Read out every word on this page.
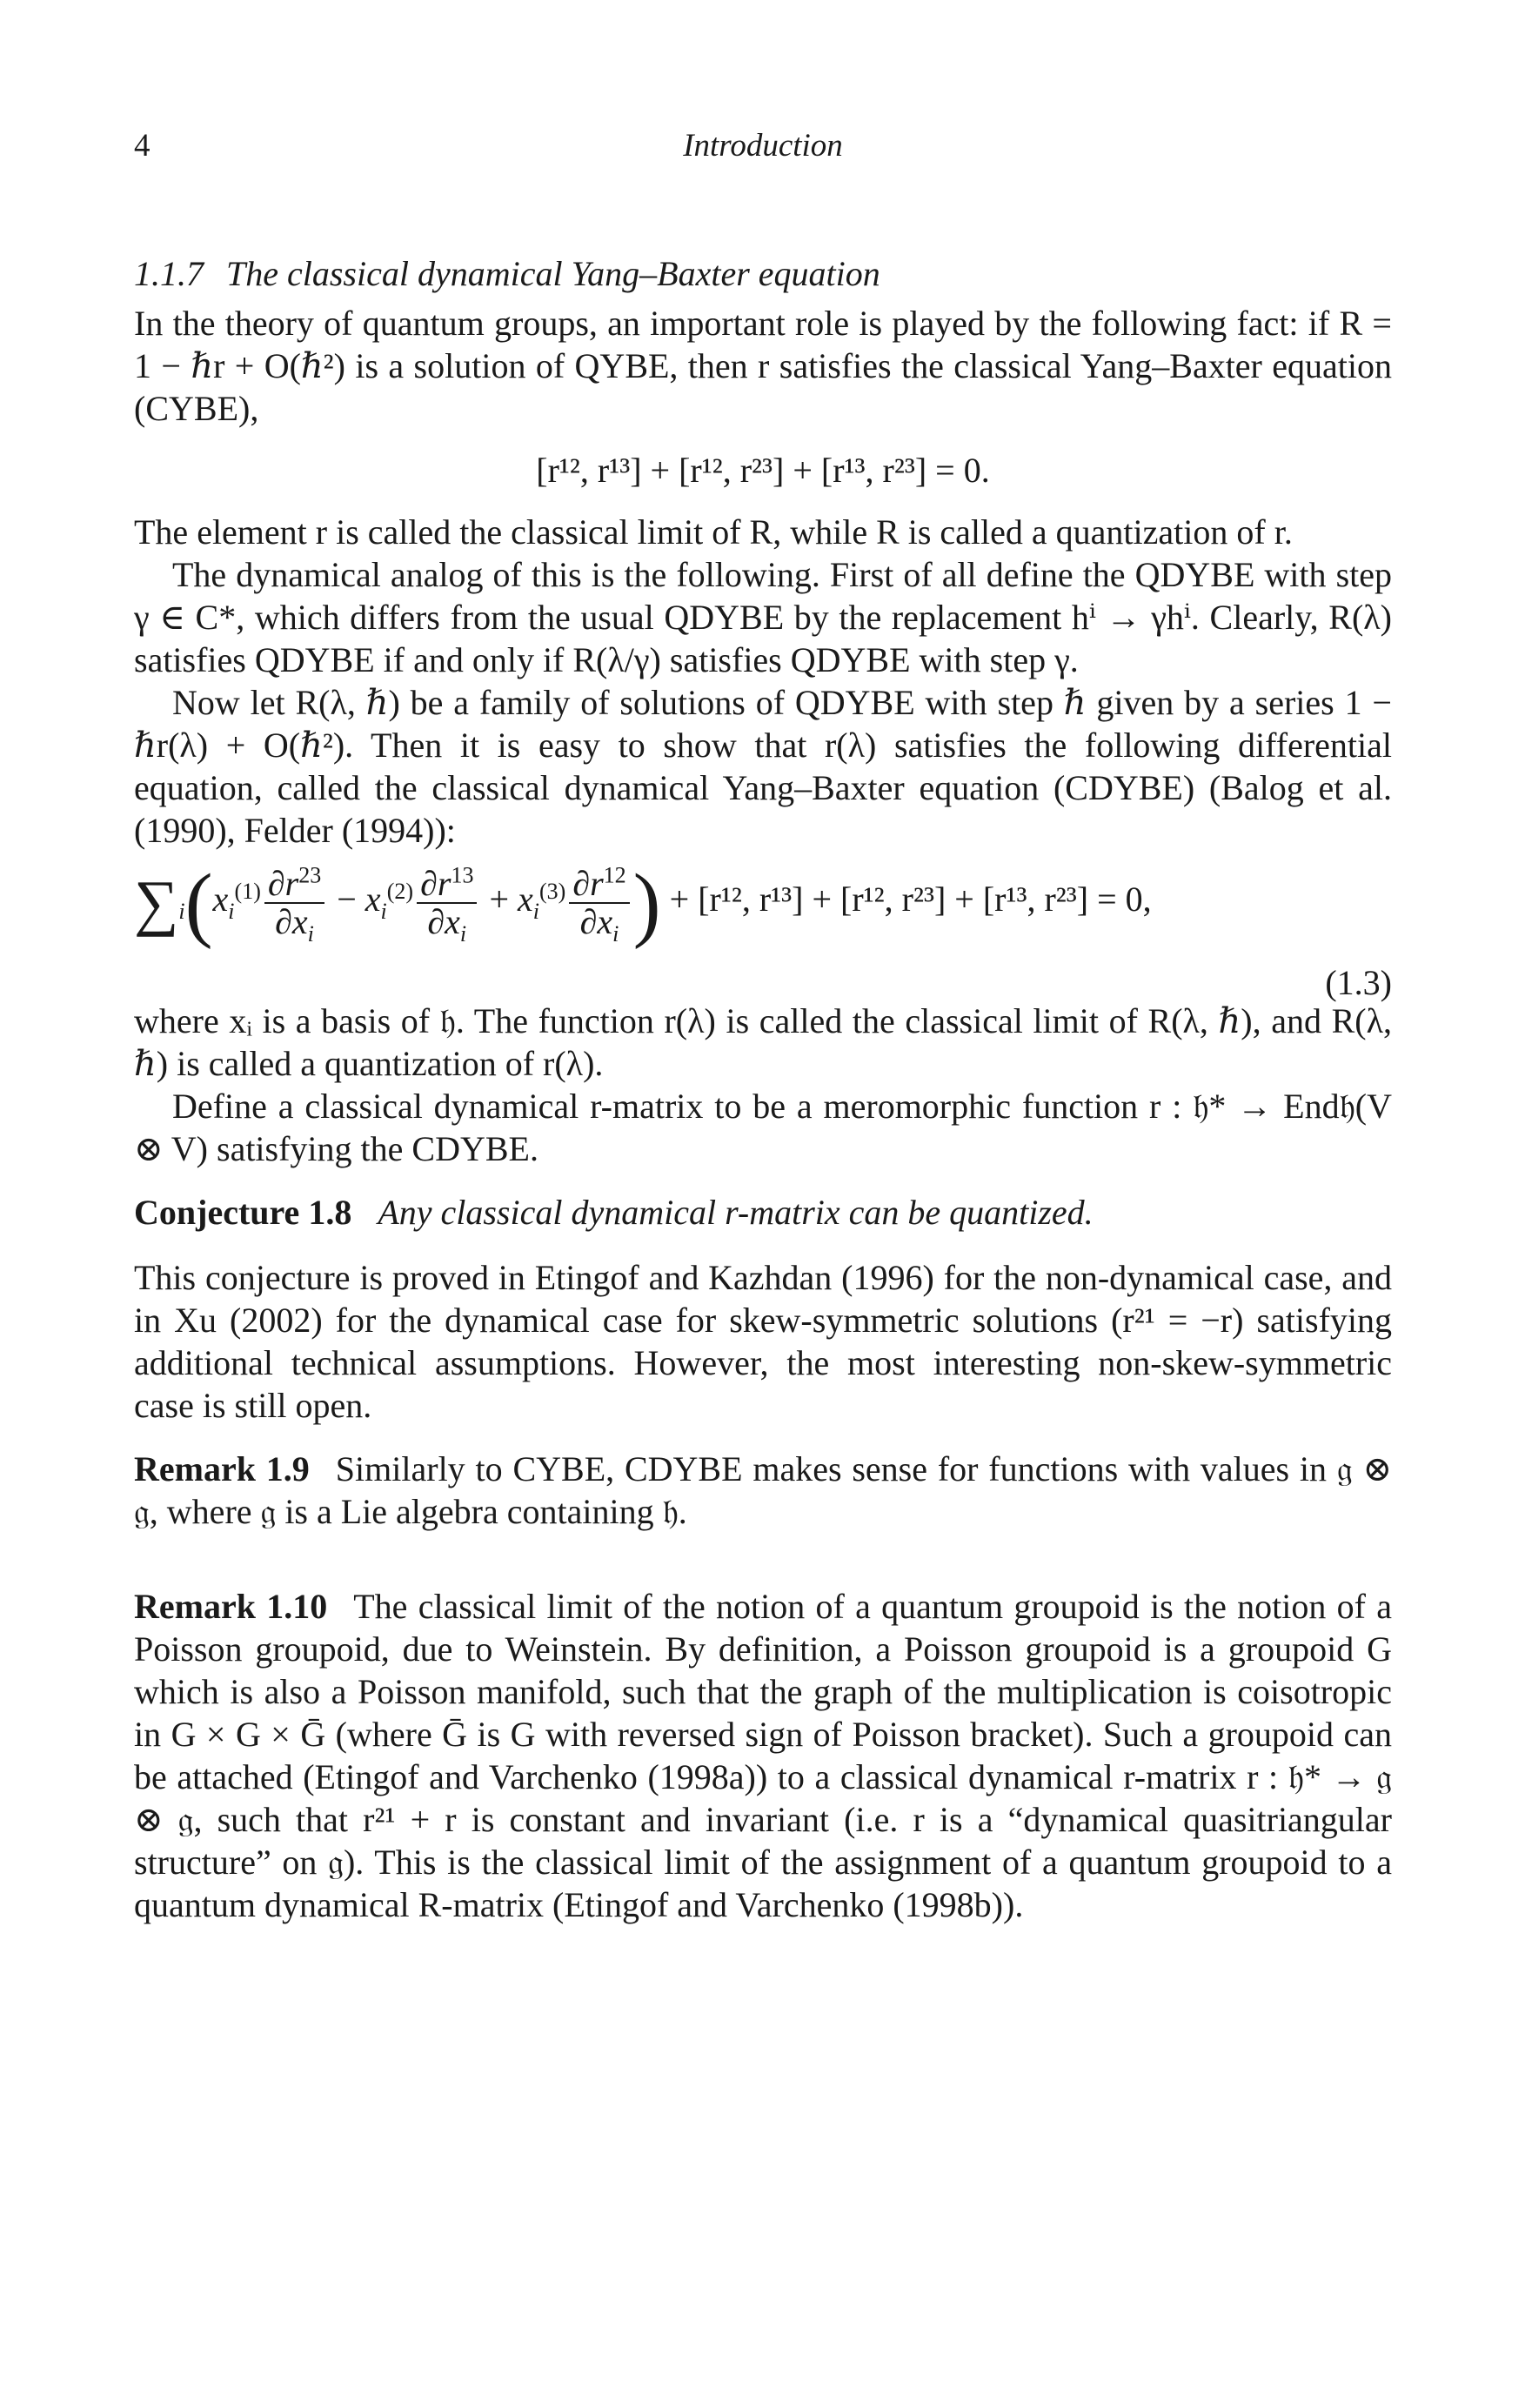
4	Introduction
1.1.7 The classical dynamical Yang–Baxter equation

In the theory of quantum groups, an important role is played by the following fact: if R = 1 − ℏr + O(ℏ²) is a solution of QYBE, then r satisfies the classical Yang–Baxter equation (CYBE),

[r¹², r¹³] + [r¹², r²³] + [r¹³, r²³] = 0.

The element r is called the classical limit of R, while R is called a quantization of r.

The dynamical analog of this is the following. First of all define the QDYBE with step γ ∈ C*, which differs from the usual QDYBE by the replacement hⁱ → γhⁱ. Clearly, R(λ) satisfies QDYBE if and only if R(λ/γ) satisfies QDYBE with step γ.

Now let R(λ, ℏ) be a family of solutions of QDYBE with step ℏ given by a series 1 − ℏr(λ) + O(ℏ²). Then it is easy to show that r(λ) satisfies the following differential equation, called the classical dynamical Yang–Baxter equation (CDYBE) (Balog et al. (1990), Felder (1994)):

$\sum_i(x_i^{(1)} \frac{\partial r^{23}}{\partial x_i} - x_i^{(2)} \frac{\partial r^{13}}{\partial x_i} + x_i^{(3)} \frac{\partial r^{12}}{\partial x_i}$ ) + [r¹², r¹³] + [r¹², r²³] + [r¹³, r²³] = 0,
(1.3)

where xᵢ is a basis of 𝔥. The function r(λ) is called the classical limit of R(λ, ℏ), and R(λ, ℏ) is called a quantization of r(λ).

Define a classical dynamical r-matrix to be a meromorphic function r : 𝔥* → End𝔥(V ⊗ V) satisfying the CDYBE.

Conjecture 1.8 Any classical dynamical r-matrix can be quantized.

This conjecture is proved in Etingof and Kazhdan (1996) for the non-dynamical case, and in Xu (2002) for the dynamical case for skew-symmetric solutions (r²¹ = −r) satisfying additional technical assumptions. However, the most interesting non-skew-symmetric case is still open.

Remark 1.9 Similarly to CYBE, CDYBE makes sense for functions with values in 𝔤 ⊗ 𝔤, where 𝔤 is a Lie algebra containing 𝔥.
Remark 1.10 The classical limit of the notion of a quantum groupoid is the notion of a Poisson groupoid, due to Weinstein. By definition, a Poisson groupoid is a groupoid G which is also a Poisson manifold, such that the graph of the multiplication is coisotropic in G × G × Ḡ (where Ḡ is G with reversed sign of Poisson bracket). Such a groupoid can be attached (Etingof and Varchenko (1998a)) to a classical dynamical r-matrix r : 𝔥* → 𝔤 ⊗ 𝔤, such that r²¹ + r is constant and invariant (i.e. r is a “dynamical quasitriangular structure” on 𝔤). This is the classical limit of the assignment of a quantum groupoid to a quantum dynamical R-matrix (Etingof and Varchenko (1998b)).
